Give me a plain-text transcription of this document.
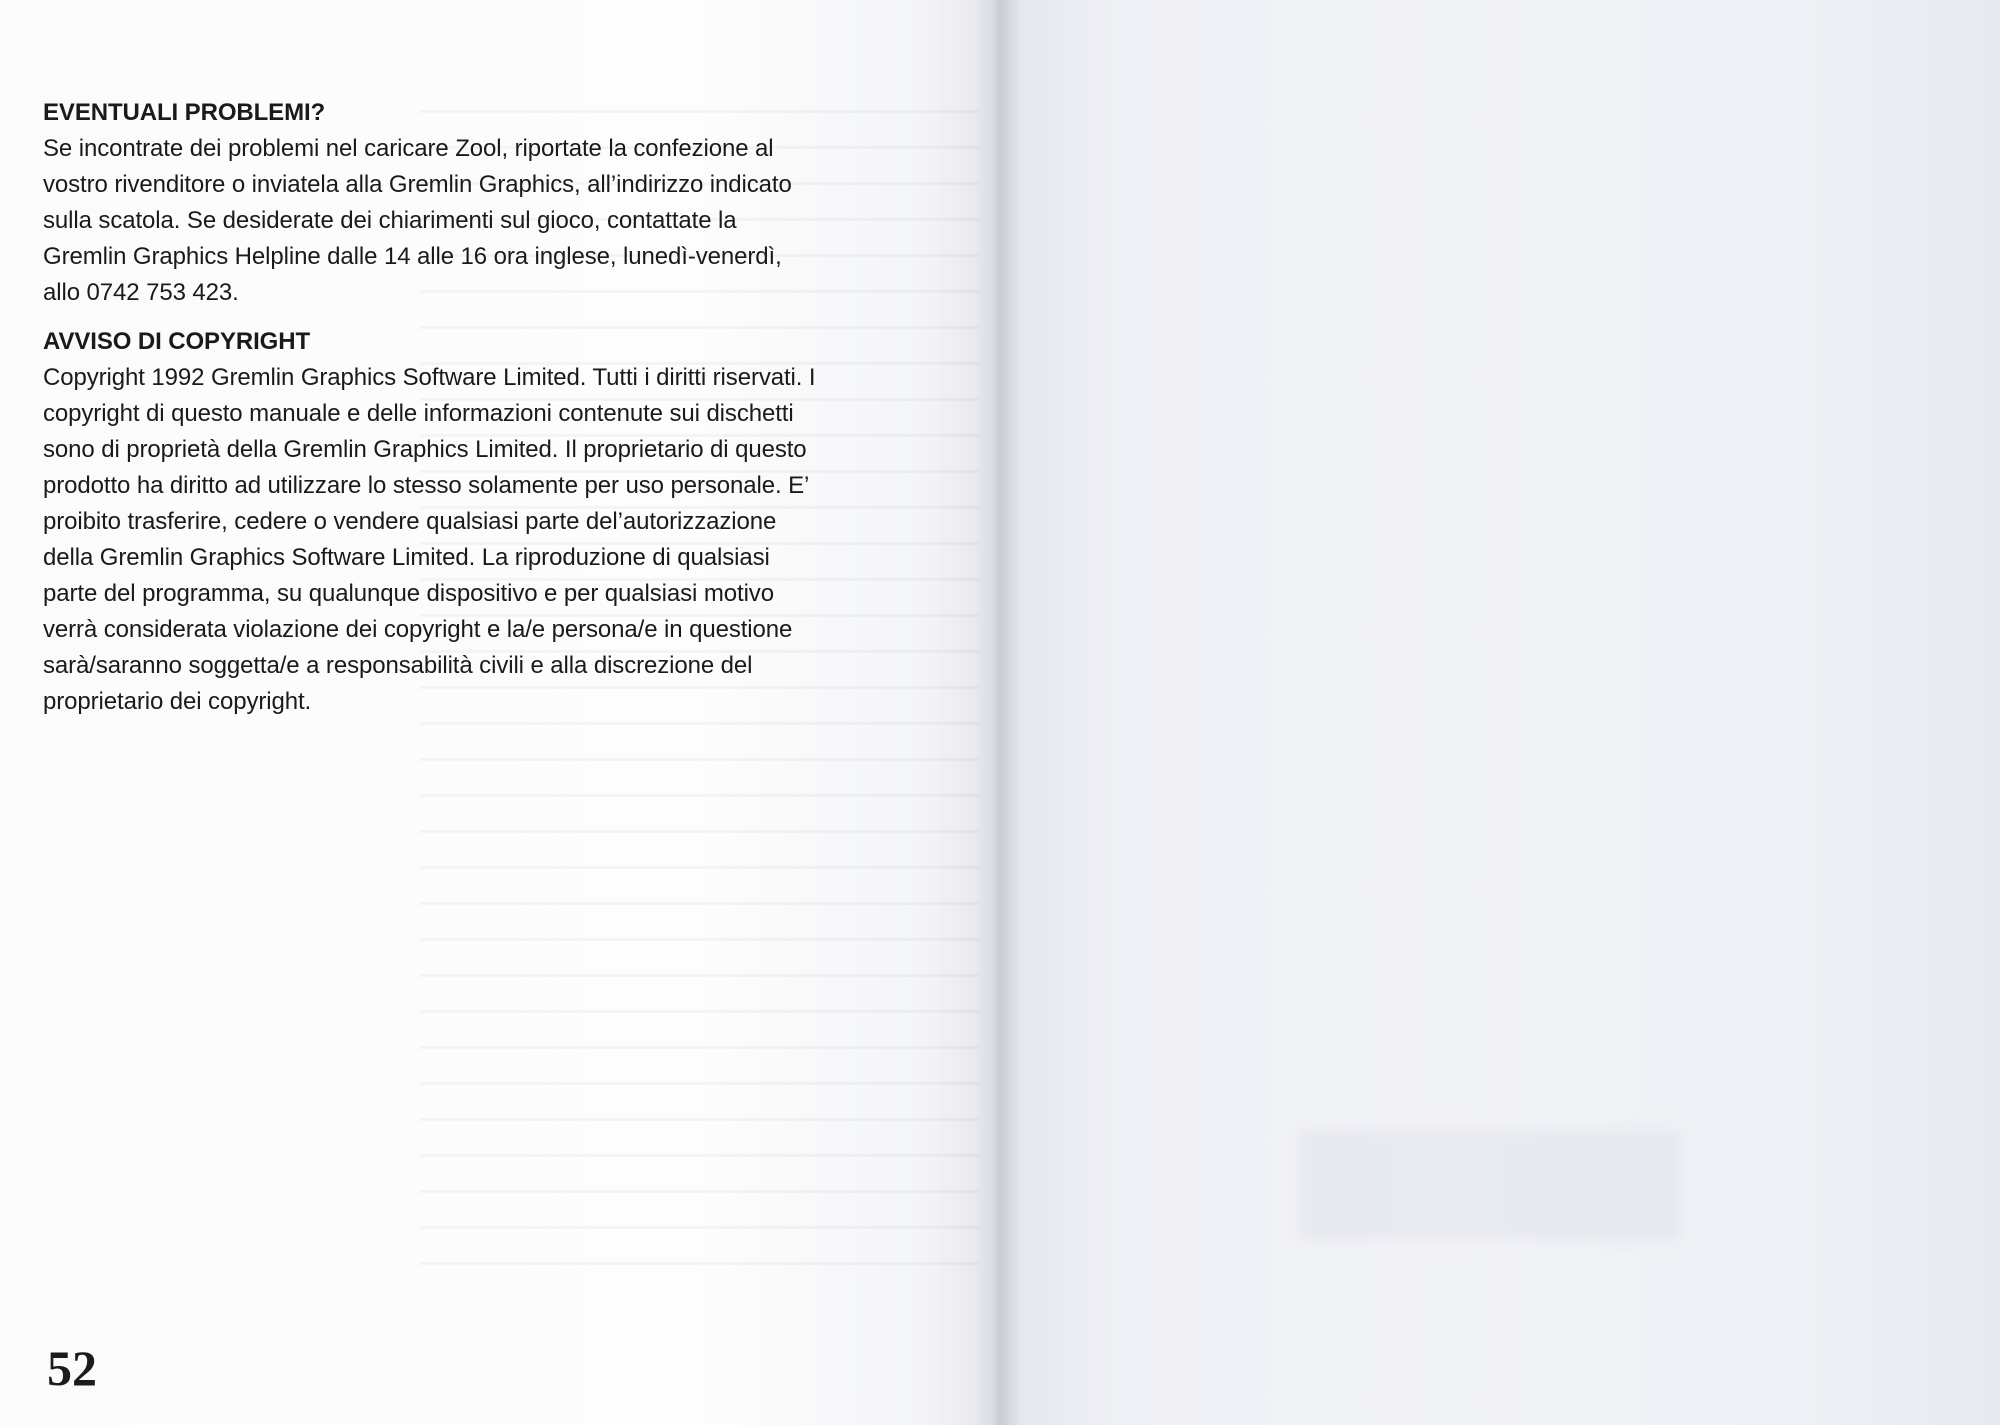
EVENTUALI PROBLEMI?

Se incontrate dei problemi nel caricare Zool, riportate la confezione al
vostro rivenditore o inviatela alla Gremlin Graphics, all’indirizzo indicato
sulla scatola. Se desiderate dei chiarimenti sul gioco, contattate la
Gremlin Graphics Helpline dalle 14 alle 16 ora inglese, lunedì-venerdì,
allo 0742 753 423.

AVVISO DI COPYRIGHT

Copyright 1992 Gremlin Graphics Software Limited. Tutti i diritti riservati. I
copyright di questo manuale e delle informazioni contenute sui dischetti
sono di proprietà della Gremlin Graphics Limited. Il proprietario di questo
prodotto ha diritto ad utilizzare lo stesso solamente per uso personale. E’
proibito trasferire, cedere o vendere qualsiasi parte del’autorizzazione
della Gremlin Graphics Software Limited. La riproduzione di qualsiasi
parte del programma, su qualunque dispositivo e per qualsiasi motivo
verrà considerata violazione dei copyright e la/e persona/e in questione
sarà/saranno soggetta/e a responsabilità civili e alla discrezione del
proprietario dei copyright.

52
